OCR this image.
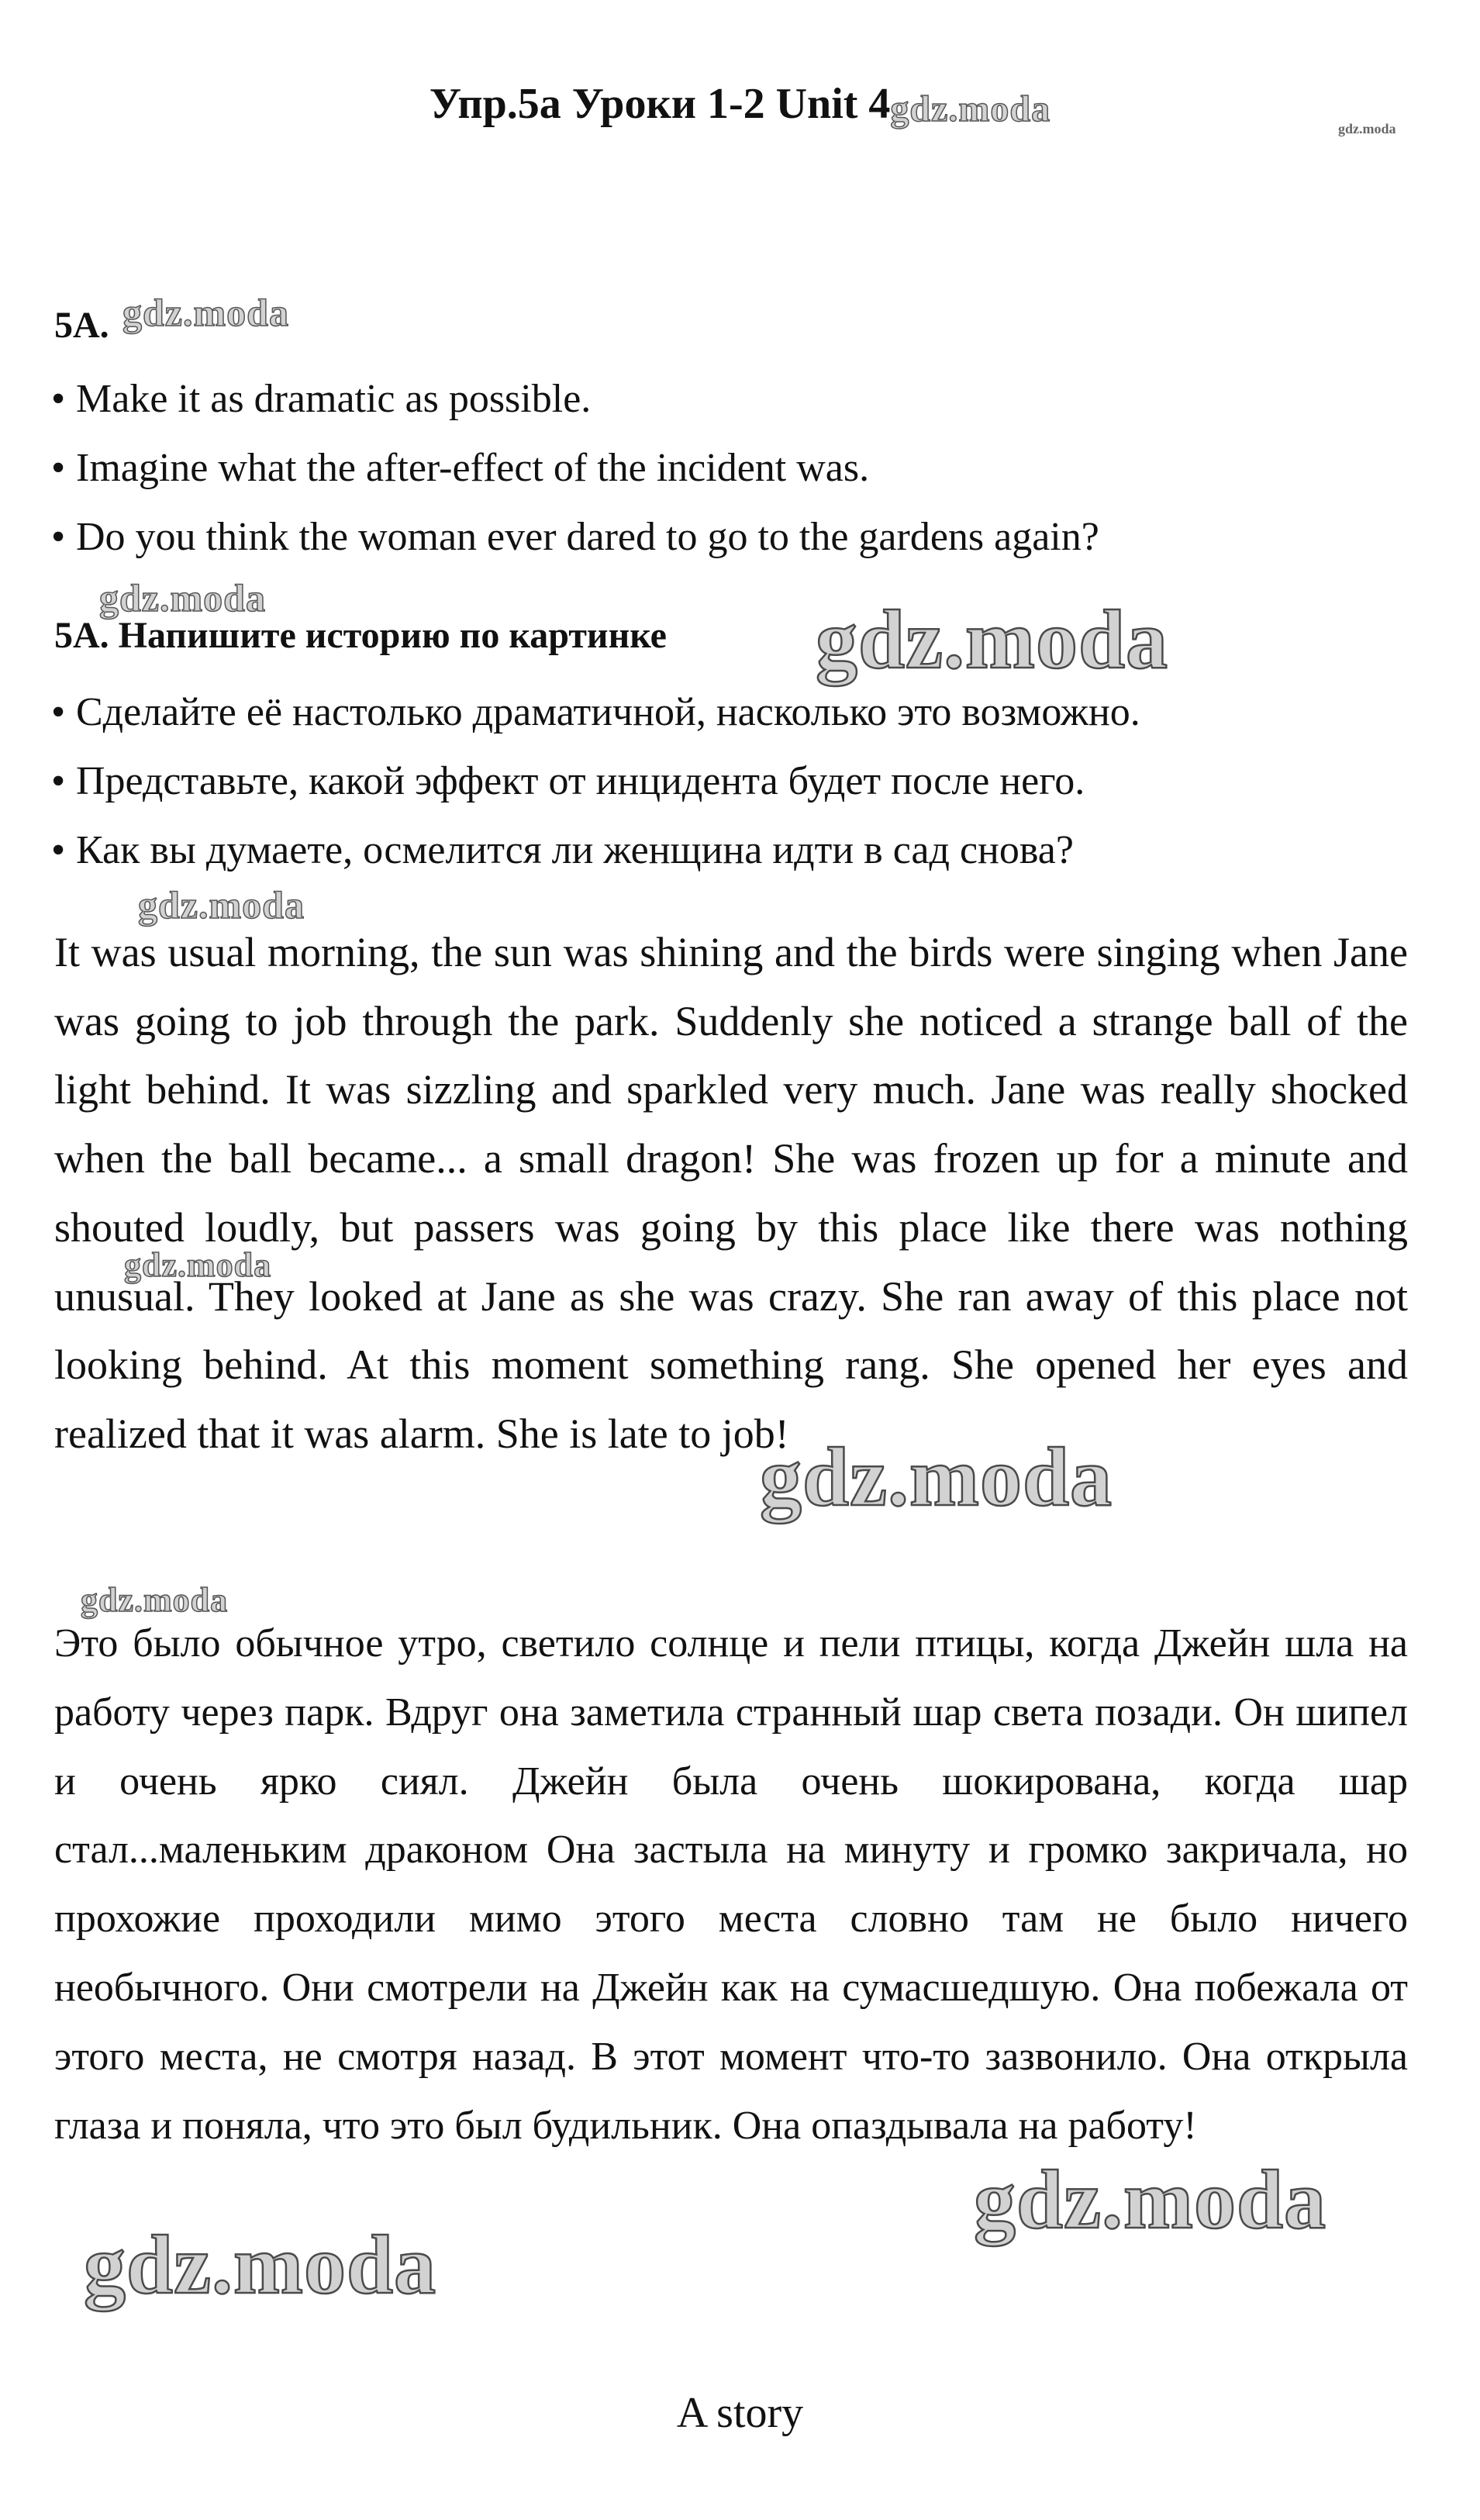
Упр.5а Уроки 1-2 Unit 4gdz.moda	gdz.moda
5A.
• Make it as dramatic as possible.
• Imagine what the after-effect of the incident was.
• Do you think the woman ever dared to go to the gardens again?
5А. Напишите историю по картинке
• Сделайте её настолько драматичной, насколько это возможно.
• Представьте, какой эффект от инцидента будет после него.
• Как вы думаете, осмелится ли женщина идти в сад снова?

It was usual morning, the sun was shining and the birds were singing when Jane was going to job through the park. Suddenly she noticed a strange ball of the light behind. It was sizzling and sparkled very much. Jane was really shocked when the ball became... a small dragon! She was frozen up for a minute and shouted loudly, but passers was going by this place like there was nothing unusual. They looked at Jane as she was crazy. She ran away of this place not looking behind. At this moment something rang. She opened her eyes and realized that it was alarm. She is late to job!

Это было обычное утро, светило солнце и пели птицы, когда Джейн шла на работу через парк. Вдруг она заметила странный шар света позади. Он шипел и очень ярко сиял. Джейн была очень шокирована, когда шар стал...маленьким драконом Она застыла на минуту и громко закричала, но прохожие проходили мимо этого места словно там не было ничего необычного. Они смотрели на Джейн как на сумасшедшую. Она побежала от этого места, не смотря назад. В этот момент что-то зазвонило. Она открыла глаза и поняла, что это был будильник. Она опаздывала на работу!

A story
gdz.moda
gdz.moda	gdz.moda
gdz.moda
gdz.moda
gdz.moda
gdz.moda
gdz.moda
gdz.moda
